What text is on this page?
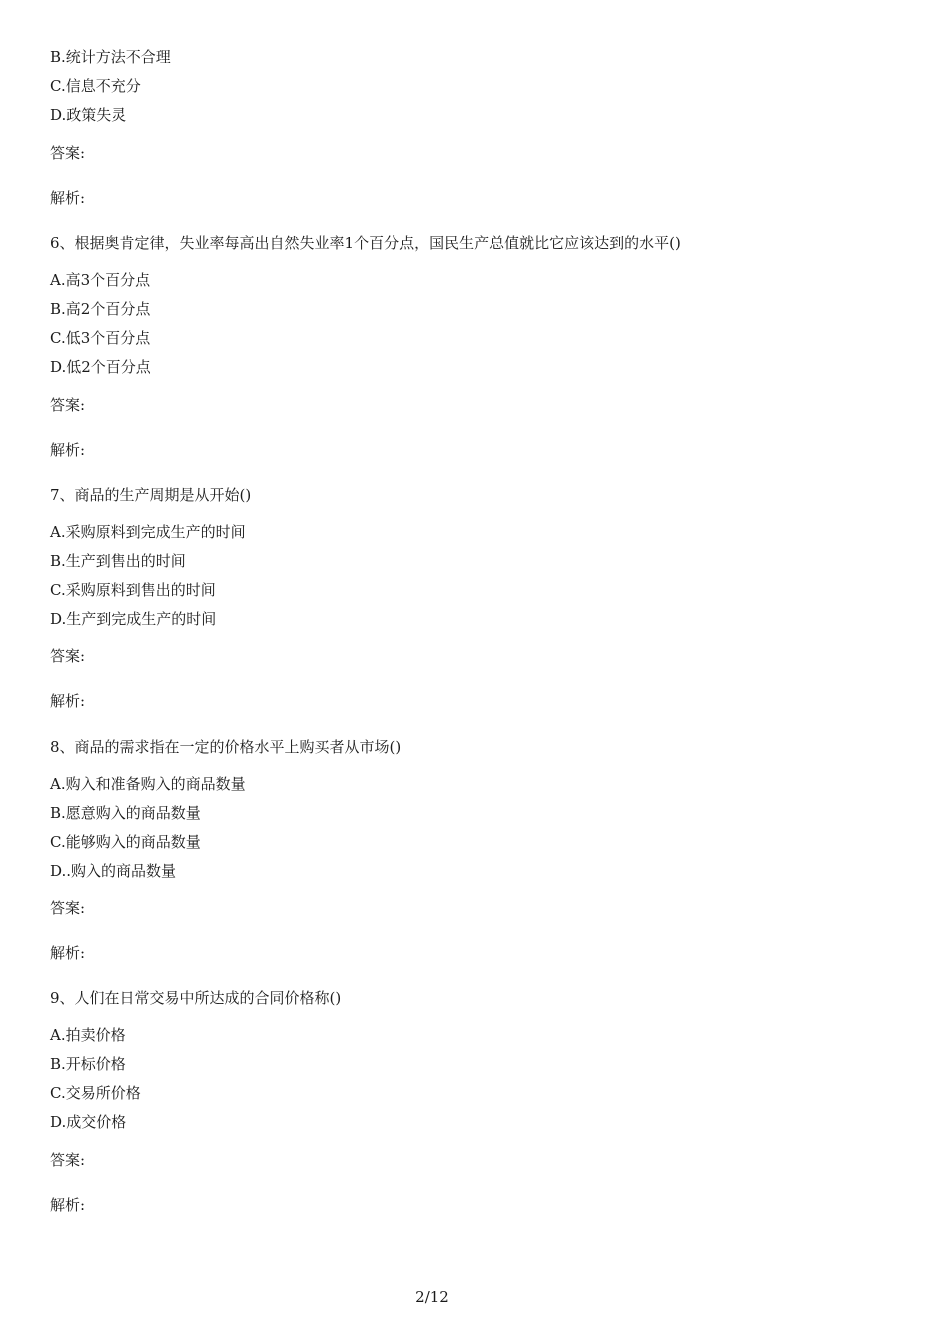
B.统计方法不合理
C.信息不充分
D.政策失灵
答案:
解析:
6、根据奥肯定律，失业率每高出自然失业率1个百分点，国民生产总值就比它应该达到的水平()
A.高3个百分点
B.高2个百分点
C.低3个百分点
D.低2个百分点
答案:
解析:
7、商品的生产周期是从开始()
A.采购原料到完成生产的时间
B.生产到售出的时间
C.采购原料到售出的时间
D.生产到完成生产的时间
答案:
解析:
8、商品的需求指在一定的价格水平上购买者从市场()
A.购入和准备购入的商品数量
B.愿意购入的商品数量
C.能够购入的商品数量
D..购入的商品数量
答案:
解析:
9、人们在日常交易中所达成的合同价格称()
A.拍卖价格
B.开标价格
C.交易所价格
D.成交价格
答案:
解析:
2/12
